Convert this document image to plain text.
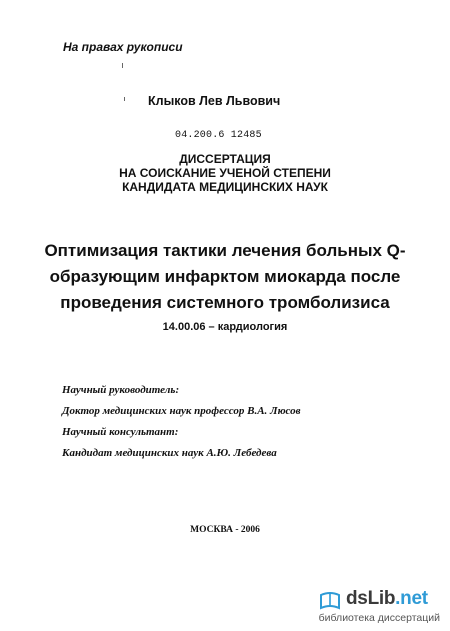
На правах рукописи
Клыков Лев Львович
04.200.6 12485
ДИССЕРТАЦИЯ
НА СОИСКАНИЕ УЧЕНОЙ СТЕПЕНИ
КАНДИДАТА МЕДИЦИНСКИХ НАУК
Оптимизация тактики лечения больных Q-
образующим инфарктом миокарда после
проведения системного тромболизиса
14.00.06 – кардиология
Научный руководитель:
Доктор медицинских наук профессор В.А. Люсов
Научный консультант:
Кандидат медицинских наук А.Ю. Лебедева
МОСКВА - 2006
dsLib.net
библиотека диссертаций
